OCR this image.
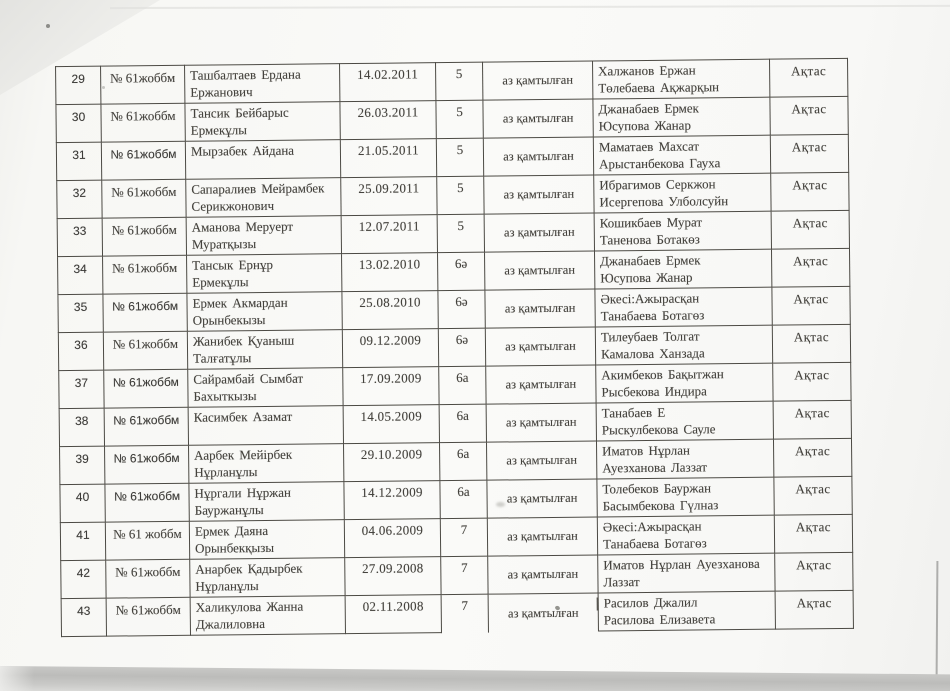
29	№ 61жоббм	Ташбалтаев Ердана
Ержанович	14.02.2011	5	аз қамтылған	Халжанов Ержан
Төлебаева Ақжарқын	Ақтас
30	№ 61жоббм	Тансик Бейбарыс
Ермекұлы	26.03.2011	5	аз қамтылған	Джанабаев Ермек
Юсупова Жанар	Ақтас
31	№ 61жоббм	Мырзабек Айдана	21.05.2011	5	аз қамтылған	Маматаев Махсат
Арыстанбекова Гауха	Ақтас
32	№ 61жоббм	Сапаралиев Мейрамбек
Серикжонович	25.09.2011	5	аз қамтылған	Ибрагимов Серкжон
Исергепова Улболсуйн	Ақтас
33	№ 61жоббм	Аманова Меруерт
Муратқызы	12.07.2011	5	аз қамтылған	Кошикбаев Мурат
Таненова Ботакөз	Ақтас
34	№ 61жоббм	Тансык Ернұр
Ермекұлы	13.02.2010	6ә	аз қамтылған	Джанабаев Ермек
Юсупова Жанар	Ақтас
35	№ 61жоббм	Ермек Акмардан
Орынбекызы	25.08.2010	6ә	аз қамтылған	Әкесі:Ажырасқан
Танабаева Ботагөз	Ақтас
36	№ 61жоббм	Жанибек Қуаныш
Талғатұлы	09.12.2009	6ә	аз қамтылған	Тилеубаев Толгат
Камалова Ханзада	Ақтас
37	№ 61жоббм	Сайрамбай Сымбат
Бахыткызы	17.09.2009	6а	аз қамтылған	Акимбеков Бақытжан
Рысбекова Индира	Ақтас
38	№ 61жоббм	Касимбек Азамат	14.05.2009	6а	аз қамтылған	Танабаев Е
Рыскулбекова Сауле	Ақтас
39	№ 61жоббм	Аарбек Мейірбек
Нұрланұлы	29.10.2009	6а	аз қамтылған	Иматов Нұрлан
Ауезханова Лаззат	Ақтас
40	№ 61жоббм	Нұргали Нұржан
Бауржанұлы	14.12.2009	6а	аз қамтылған	Толебеков Бауржан
Басымбекова Гүлназ	Ақтас
41	№ 61 жоббм	Ермек Даяна
Орынбекқызы	04.06.2009	7	аз қамтылған	Әкесі:Ажырасқан
Танабаева Ботагөз	Ақтас
42	№ 61жоббм	Анарбек Қадырбек
Нұрланұлы	27.09.2008	7	аз қамтылған	Иматов Нұрлан Ауезханова
Лаззат	Ақтас
43	№ 61жоббм	Халикулова Жанна
Джалиловна	02.11.2008	7	аз қамтылған	Расилов Джалил
Расилова Елизавета	Ақтас
